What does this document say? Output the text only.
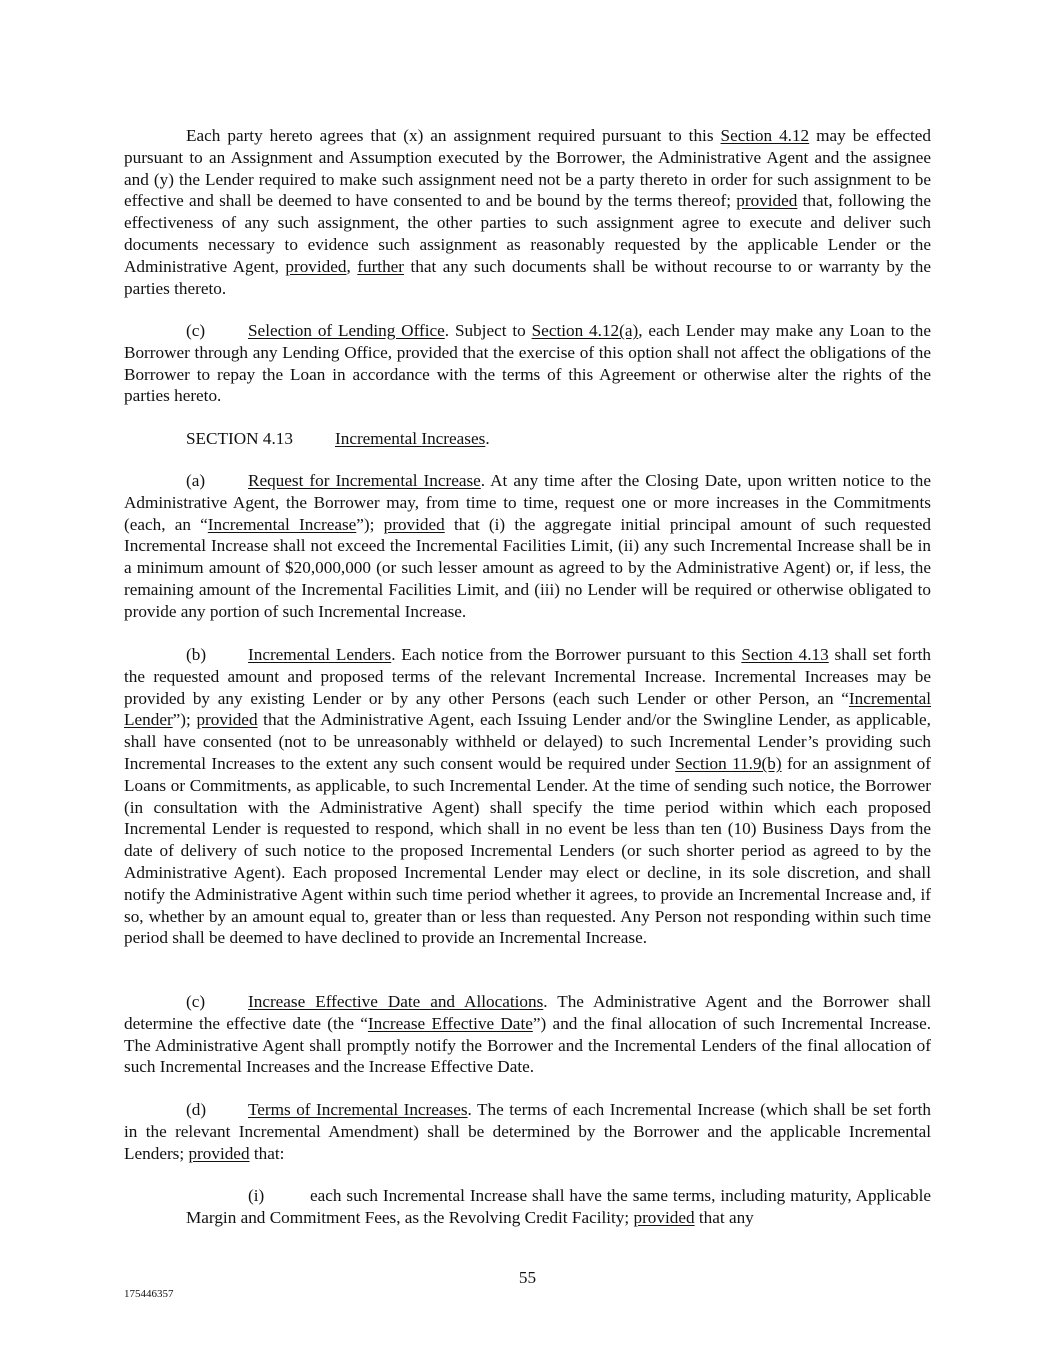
Each party hereto agrees that (x) an assignment required pursuant to this Section 4.12 may be effected pursuant to an Assignment and Assumption executed by the Borrower, the Administrative Agent and the assignee and (y) the Lender required to make such assignment need not be a party thereto in order for such assignment to be effective and shall be deemed to have consented to and be bound by the terms thereof; provided that, following the effectiveness of any such assignment, the other parties to such assignment agree to execute and deliver such documents necessary to evidence such assignment as reasonably requested by the applicable Lender or the Administrative Agent, provided, further that any such documents shall be without recourse to or warranty by the parties thereto.

(c) Selection of Lending Office. Subject to Section 4.12(a), each Lender may make any Loan to the Borrower through any Lending Office, provided that the exercise of this option shall not affect the obligations of the Borrower to repay the Loan in accordance with the terms of this Agreement or otherwise alter the rights of the parties hereto.

SECTION 4.13 Incremental Increases.

(a) Request for Incremental Increase. At any time after the Closing Date, upon written notice to the Administrative Agent, the Borrower may, from time to time, request one or more increases in the Commitments (each, an “Incremental Increase”); provided that (i) the aggregate initial principal amount of such requested Incremental Increase shall not exceed the Incremental Facilities Limit, (ii) any such Incremental Increase shall be in a minimum amount of $20,000,000 (or such lesser amount as agreed to by the Administrative Agent) or, if less, the remaining amount of the Incremental Facilities Limit, and (iii) no Lender will be required or otherwise obligated to provide any portion of such Incremental Increase.

(b) Incremental Lenders. Each notice from the Borrower pursuant to this Section 4.13 shall set forth the requested amount and proposed terms of the relevant Incremental Increase. Incremental Increases may be provided by any existing Lender or by any other Persons (each such Lender or other Person, an “Incremental Lender”); provided that the Administrative Agent, each Issuing Lender and/or the Swingline Lender, as applicable, shall have consented (not to be unreasonably withheld or delayed) to such Incremental Lender’s providing such Incremental Increases to the extent any such consent would be required under Section 11.9(b) for an assignment of Loans or Commitments, as applicable, to such Incremental Lender. At the time of sending such notice, the Borrower (in consultation with the Administrative Agent) shall specify the time period within which each proposed Incremental Lender is requested to respond, which shall in no event be less than ten (10) Business Days from the date of delivery of such notice to the proposed Incremental Lenders (or such shorter period as agreed to by the Administrative Agent). Each proposed Incremental Lender may elect or decline, in its sole discretion, and shall notify the Administrative Agent within such time period whether it agrees, to provide an Incremental Increase and, if so, whether by an amount equal to, greater than or less than requested. Any Person not responding within such time period shall be deemed to have declined to provide an Incremental Increase.

(c) Increase Effective Date and Allocations. The Administrative Agent and the Borrower shall determine the effective date (the “Increase Effective Date”) and the final allocation of such Incremental Increase. The Administrative Agent shall promptly notify the Borrower and the Incremental Lenders of the final allocation of such Incremental Increases and the Increase Effective Date.

(d) Terms of Incremental Increases. The terms of each Incremental Increase (which shall be set forth in the relevant Incremental Amendment) shall be determined by the Borrower and the applicable Incremental Lenders; provided that:

(i)	each such Incremental Increase shall have the same terms, including maturity, Applicable Margin and Commitment Fees, as the Revolving Credit Facility; provided that any

55

175446357
